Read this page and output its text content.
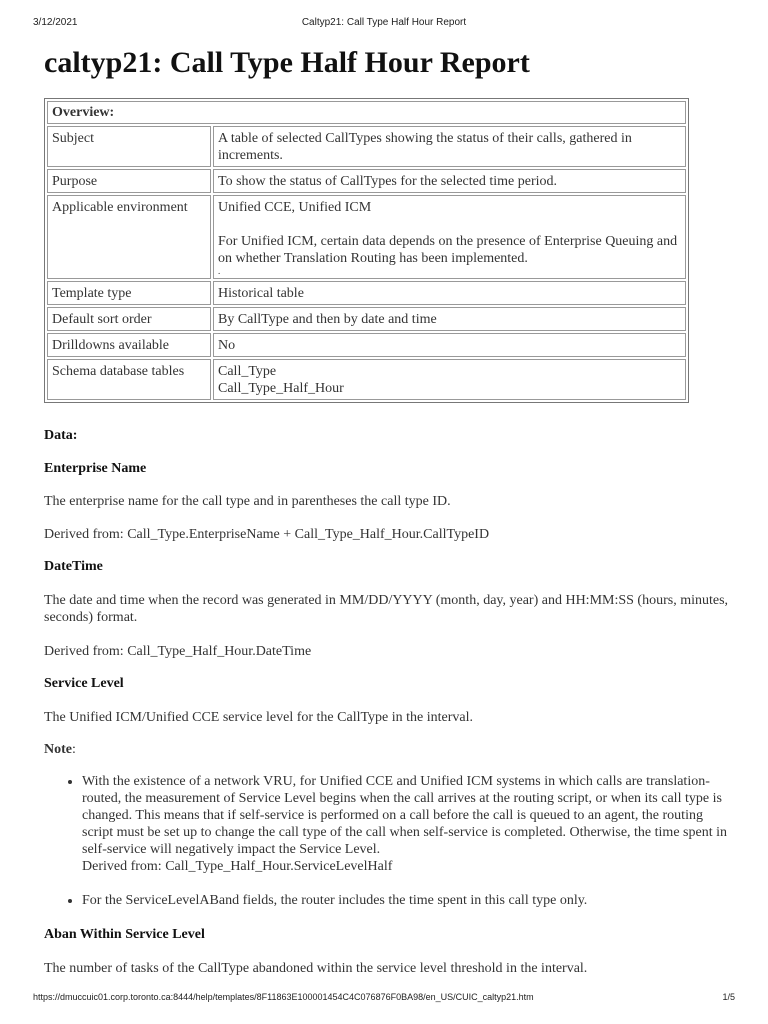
3/12/2021	Caltyp21: Call Type Half Hour Report
caltyp21: Call Type Half Hour Report
Overview:	
Subject	A table of selected CallTypes showing the status of their calls, gathered in increments.
Purpose	To show the status of CallTypes for the selected time period.
Applicable environment	Unified CCE, Unified ICM
For Unified ICM, certain data depends on the presence of Enterprise Queuing and on whether Translation Routing has been implemented.
.

Template type	Historical table
Default sort order	By CallType and then by date and time
Drilldowns available	No
Schema database tables	Call_Type
Call_Type_Half_Hour
Data:
Enterprise Name
The enterprise name for the call type and in parentheses the call type ID.
Derived from: Call_Type.EnterpriseName + Call_Type_Half_Hour.CallTypeID
DateTime
The date and time when the record was generated in MM/DD/YYYY (month, day, year) and HH:MM:SS (hours, minutes, seconds) format.
Derived from: Call_Type_Half_Hour.DateTime
Service Level
The Unified ICM/Unified CCE service level for the CallType in the interval.
Note:
• With the existence of a network VRU, for Unified CCE and Unified ICM systems in which calls are translation-routed, the measurement of Service Level begins when the call arrives at the routing script, or when its call type is changed. This means that if self-service is performed on a call before the call is queued to an agent, the routing script must be set up to change the call type of the call when self-service is completed. Otherwise, the time spent in self-service will negatively impact the Service Level.
Derived from: Call_Type_Half_Hour.ServiceLevelHalf
• For the ServiceLevelABand fields, the router includes the time spent in this call type only.
Aban Within Service Level
The number of tasks of the CallType abandoned within the service level threshold in the interval.
https://dmuccuic01.corp.toronto.ca:8444/help/templates/8F11863E100001454C4C076876F0BA98/en_US/CUIC_caltyp21.htm	1/5
